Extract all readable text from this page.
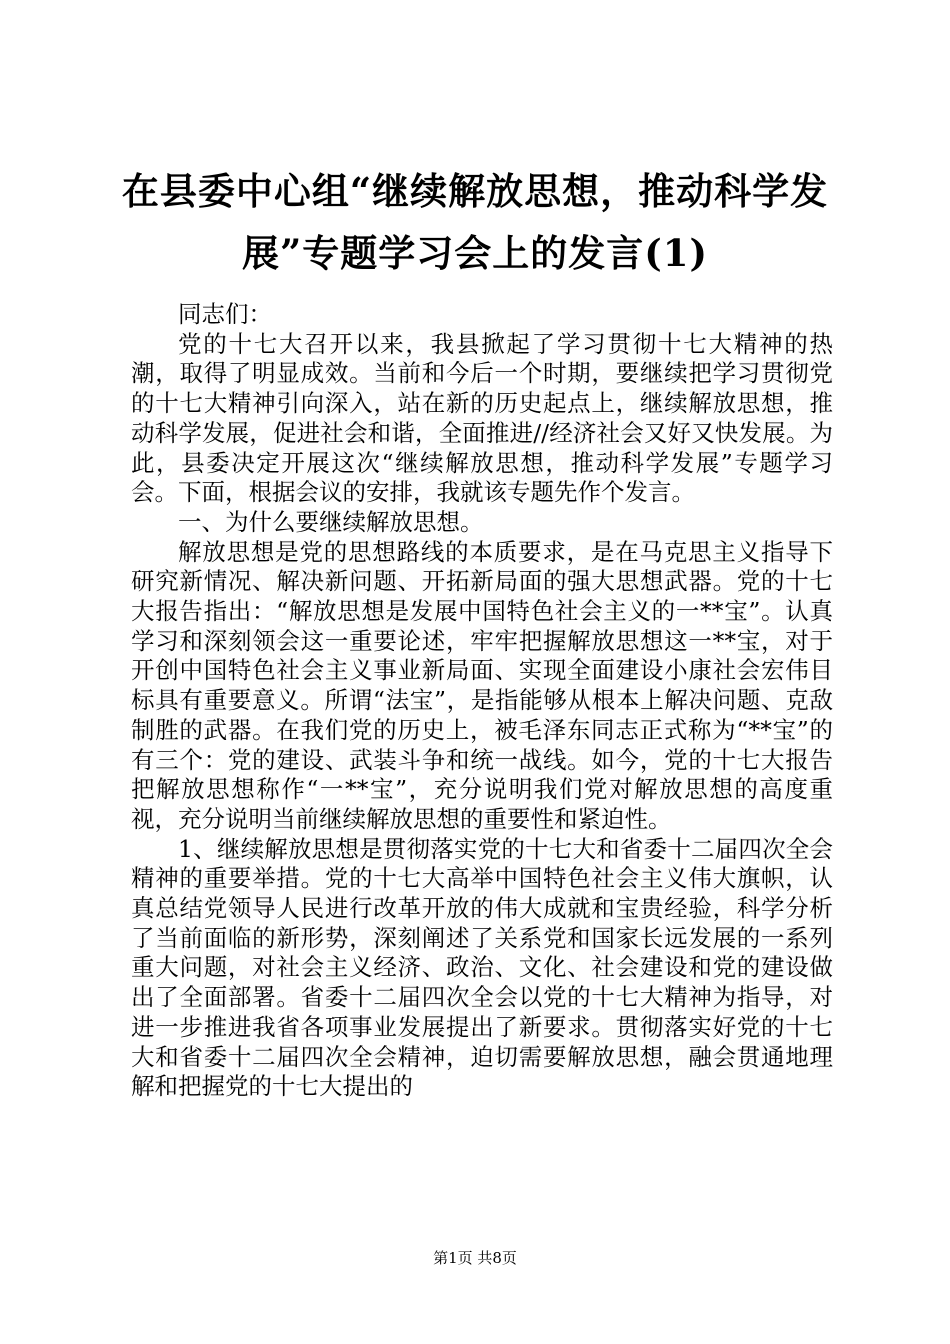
在县委中心组“继续解放思想，推动科学发
展”专题学习会上的发言(1)

同志们：

党的十七大召开以来，我县掀起了学习贯彻十七大精神的热潮，取得了明显成效。当前和今后一个时期，要继续把学习贯彻党的十七大精神引向深入，站在新的历史起点上，继续解放思想，推动科学发展，促进社会和谐，全面推进//经济社会又好又快发展。为此，县委决定开展这次“继续解放思想，推动科学发展”专题学习会。下面，根据会议的安排，我就该专题先作个发言。

一、为什么要继续解放思想。

解放思想是党的思想路线的本质要求，是在马克思主义指导下研究新情况、解决新问题、开拓新局面的强大思想武器。党的十七大报告指出：“解放思想是发展中国特色社会主义的一**宝”。认真学习和深刻领会这一重要论述，牢牢把握解放思想这一**宝，对于开创中国特色社会主义事业新局面、实现全面建设小康社会宏伟目标具有重要意义。所谓“法宝”，是指能够从根本上解决问题、克敌制胜的武器。在我们党的历史上，被毛泽东同志正式称为“**宝”的有三个：党的建设、武装斗争和统一战线。如今，党的十七大报告把解放思想称作“一**宝”，充分说明我们党对解放思想的高度重视，充分说明当前继续解放思想的重要性和紧迫性。

1、继续解放思想是贯彻落实党的十七大和省委十二届四次全会精神的重要举措。党的十七大高举中国特色社会主义伟大旗帜，认真总结党领导人民进行改革开放的伟大成就和宝贵经验，科学分析了当前面临的新形势，深刻阐述了关系党和国家长远发展的一系列重大问题，对社会主义经济、政治、文化、社会建设和党的建设做出了全面部署。省委十二届四次全会以党的十七大精神为指导，对进一步推进我省各项事业发展提出了新要求。贯彻落实好党的十七大和省委十二届四次全会精神，迫切需要解放思想，融会贯通地理解和把握党的十七大提出的

第1页 共8页
